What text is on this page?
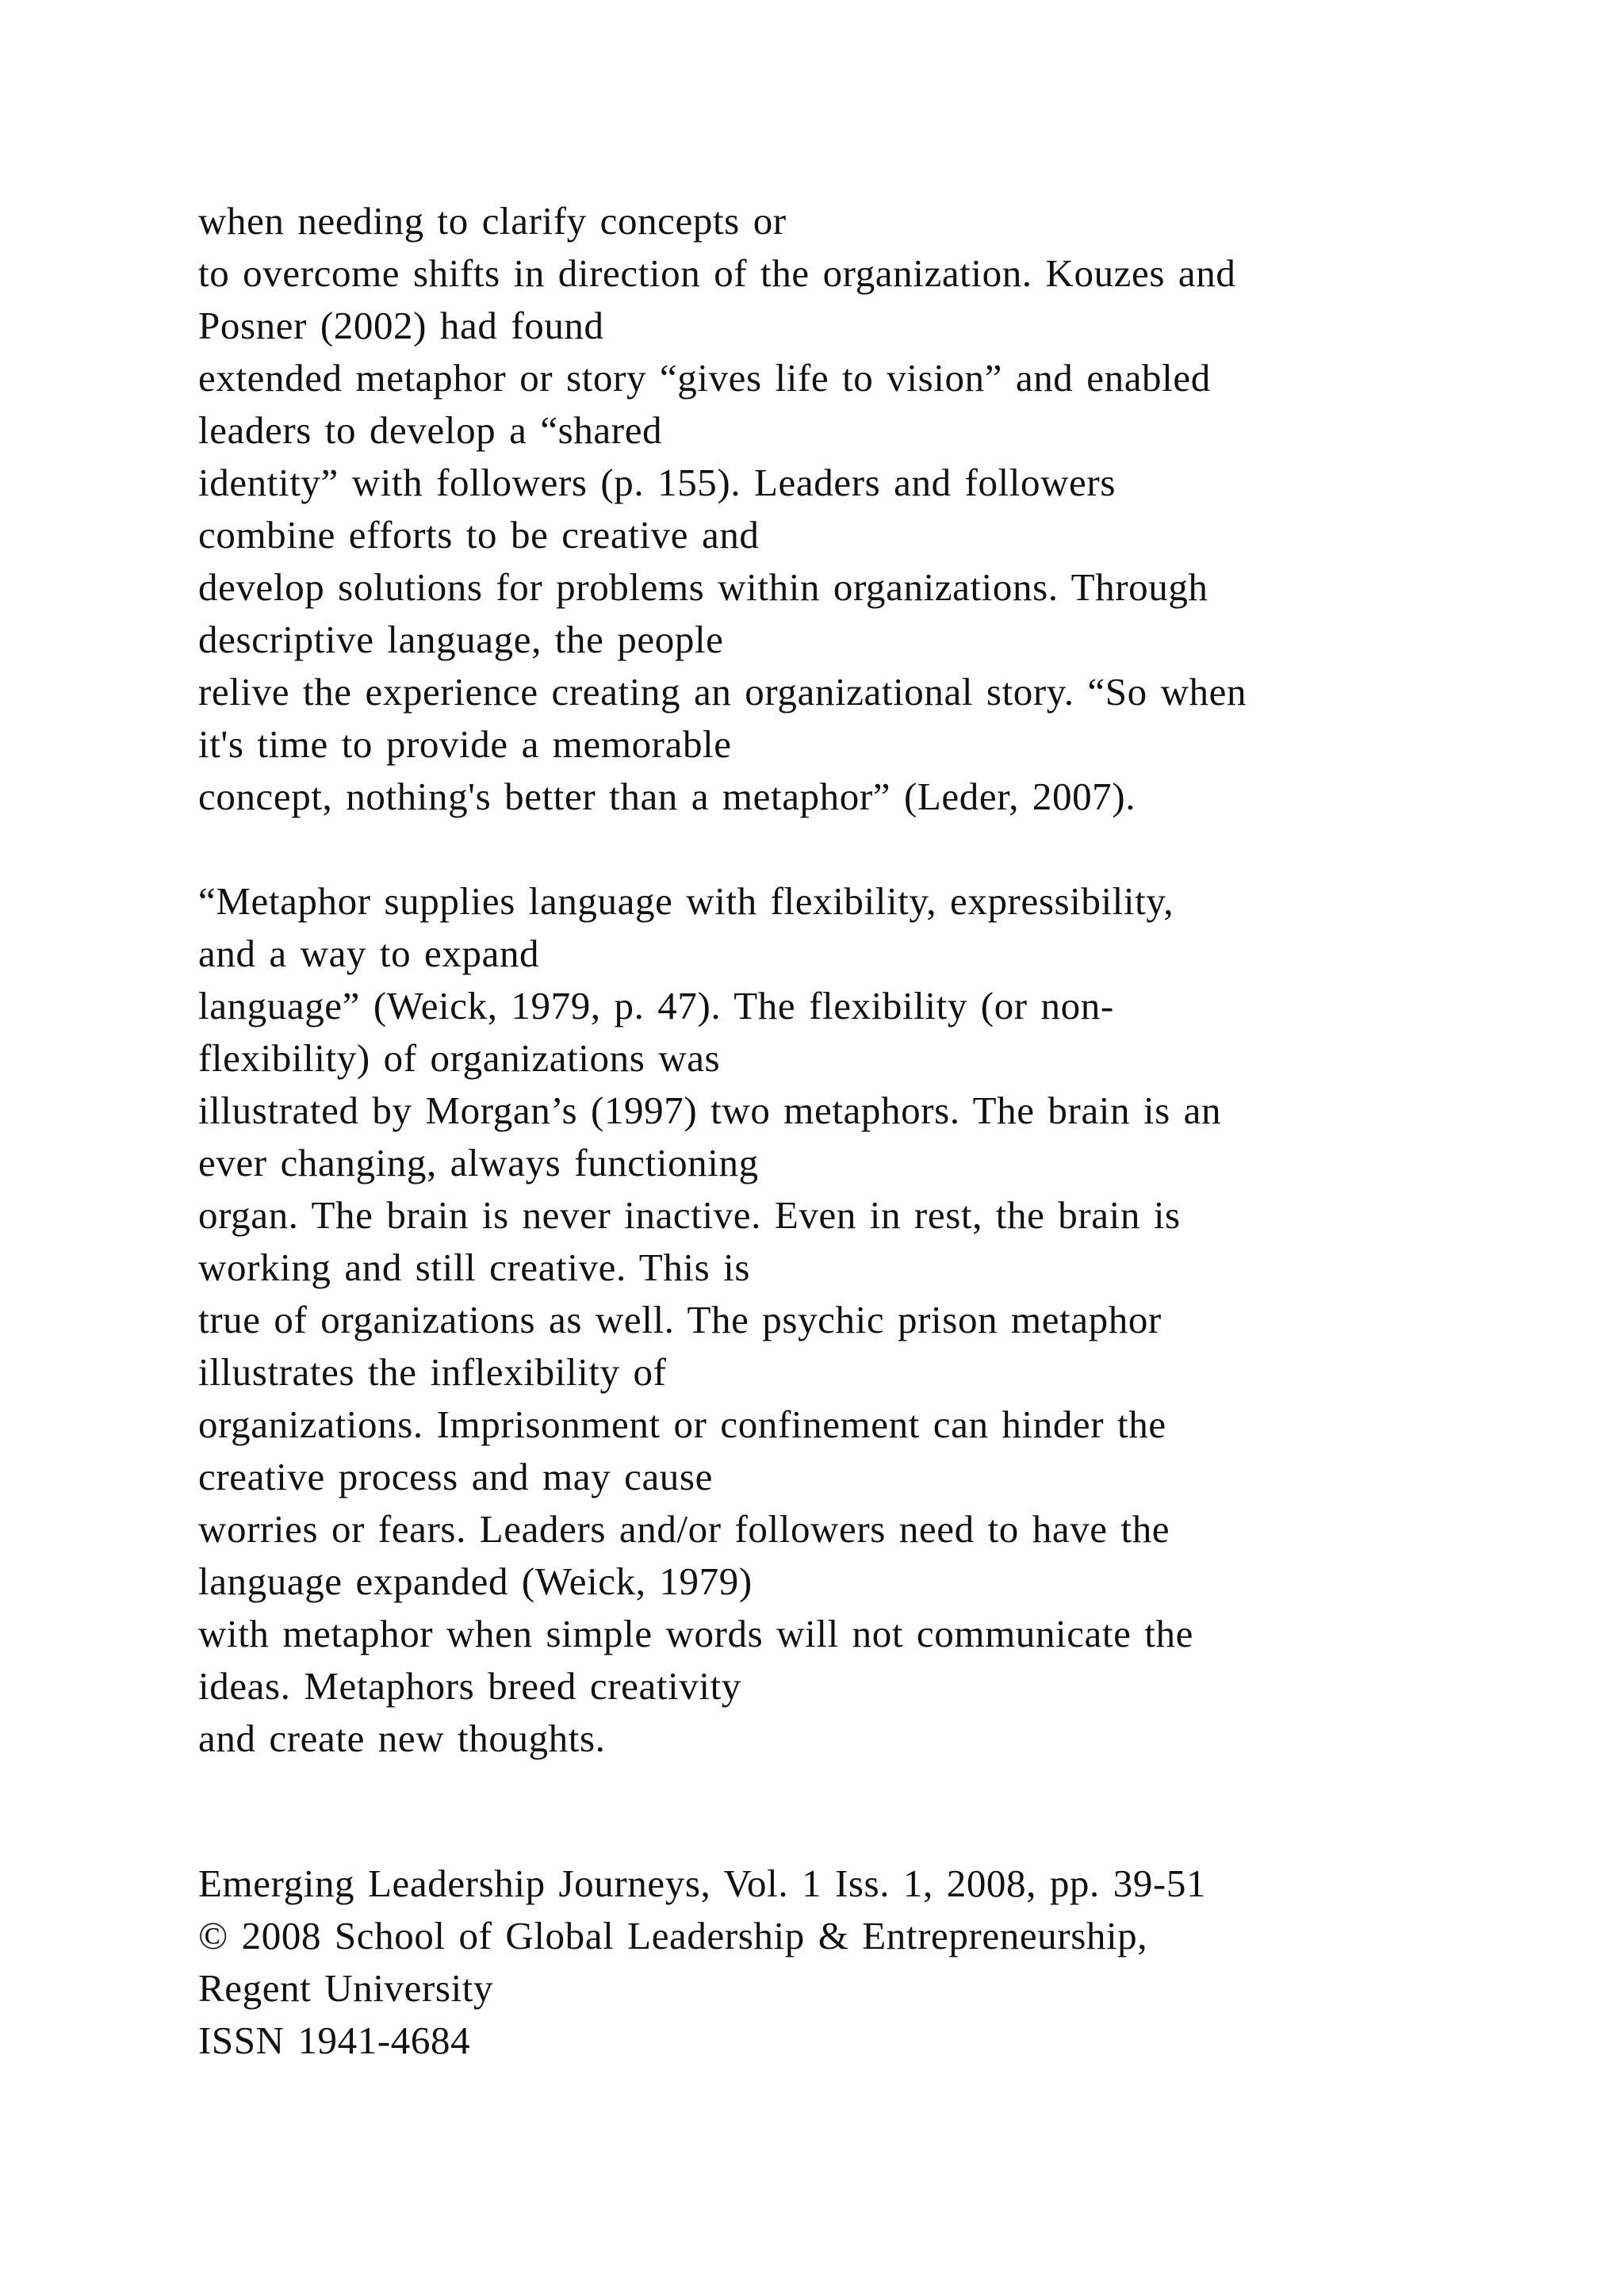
when needing to clarify concepts or
to overcome shifts in direction of the organization. Kouzes and
Posner (2002) had found
extended metaphor or story “gives life to vision” and enabled
leaders to develop a “shared
identity” with followers (p. 155). Leaders and followers
combine efforts to be creative and
develop solutions for problems within organizations. Through
descriptive language, the people
relive the experience creating an organizational story. “So when
it's time to provide a memorable
concept, nothing's better than a metaphor” (Leder, 2007).
“Metaphor supplies language with flexibility, expressibility,
and a way to expand
language” (Weick, 1979, p. 47). The flexibility (or non-
flexibility) of organizations was
illustrated by Morgan’s (1997) two metaphors. The brain is an
ever changing, always functioning
organ. The brain is never inactive. Even in rest, the brain is
working and still creative. This is
true of organizations as well. The psychic prison metaphor
illustrates the inflexibility of
organizations. Imprisonment or confinement can hinder the
creative process and may cause
worries or fears. Leaders and/or followers need to have the
language expanded (Weick, 1979)
with metaphor when simple words will not communicate the
ideas. Metaphors breed creativity
and create new thoughts.
Emerging Leadership Journeys, Vol. 1 Iss. 1, 2008, pp. 39-51
© 2008 School of Global Leadership & Entrepreneurship,
Regent University
ISSN 1941-4684
